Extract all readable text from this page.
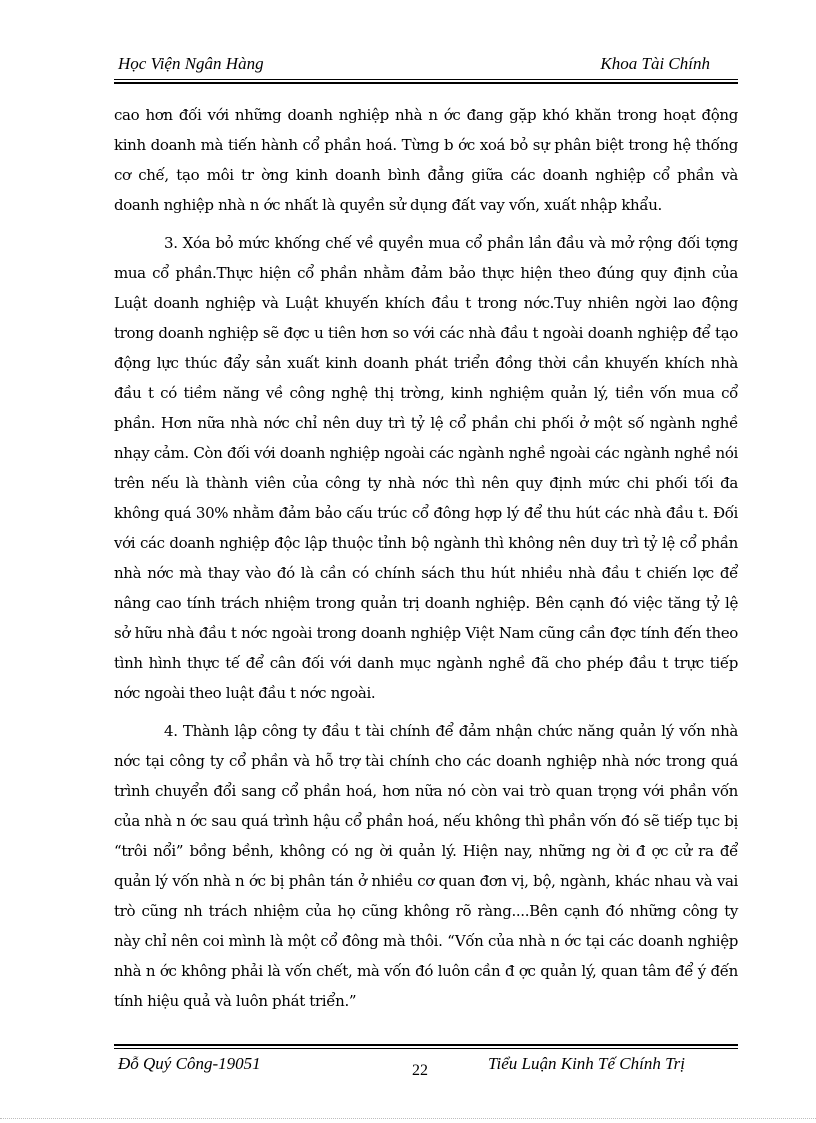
Học Viện Ngân Hàng	Khoa Tài Chính

cao hơn đối với những doanh nghiệp nhà n ớc đang gặp khó khăn trong hoạt động kinh doanh mà tiến hành cổ phần hoá. Từng b ớc xoá bỏ sự phân biệt trong hệ thống cơ chế, tạo môi tr ờng kinh doanh bình đẳng giữa các doanh nghiệp cổ phần và doanh nghiệp nhà n ớc nhất là quyền sử dụng đất vay vốn, xuất nhập khẩu.

3. Xóa bỏ mức khống chế về quyền mua cổ phần lần đầu và mở rộng đối tợng mua cổ phần.Thực hiện cổ phần nhằm đảm bảo thực hiện theo đúng quy định của Luật doanh nghiệp và Luật khuyến khích đầu t trong nớc.Tuy nhiên ngời lao động trong doanh nghiệp sẽ đợc u tiên hơn so với các nhà đầu t ngoài doanh nghiệp để tạo động lực thúc đẩy sản xuất kinh doanh phát triển đồng thời cần khuyến khích nhà đầu t có tiềm năng về công nghệ thị trờng, kinh nghiệm quản lý, tiền vốn mua cổ phần. Hơn nữa nhà nớc chỉ nên duy trì tỷ lệ cổ phần chi phối ở một số ngành nghề nhạy cảm. Còn đối với doanh nghiệp ngoài các ngành nghề ngoài các ngành nghề nói trên nếu là thành viên của công ty nhà nớc thì nên quy định mức chi phối tối đa không quá 30% nhằm đảm bảo cấu trúc cổ đông hợp lý để thu hút các nhà đầu t. Đối với các doanh nghiệp độc lập thuộc tỉnh bộ ngành thì không nên duy trì tỷ lệ cổ phần nhà nớc mà thay vào đó là cần có chính sách thu hút nhiều nhà đầu t chiến lợc để nâng cao tính trách nhiệm trong quản trị doanh nghiệp. Bên cạnh đó việc tăng tỷ lệ sở hữu nhà đầu t nớc ngoài trong doanh nghiệp Việt Nam cũng cần đợc tính đến theo tình hình thực tế để cân đối với danh mục ngành nghề đã cho phép đầu t trực tiếp nớc ngoài theo luật đầu t nớc ngoài.

4. Thành lập công ty đầu t tài chính để đảm nhận chức năng quản lý vốn nhà nớc tại công ty cổ phần và hỗ trợ tài chính cho các doanh nghiệp nhà nớc trong quá trình chuyển đổi sang cổ phần hoá, hơn nữa nó còn vai trò quan trọng với phần vốn của nhà n ớc sau quá trình hậu cổ phần hoá, nếu không thì phần vốn đó sẽ tiếp tục bị “trôi nổi” bồng bềnh, không có ng ời quản lý. Hiện nay, những ng ời đ ợc cử ra để quản lý vốn nhà n ớc bị phân tán ở nhiều cơ quan đơn vị, bộ, ngành, khác nhau và vai trò cũng nh trách nhiệm của họ cũng không rõ ràng....Bên cạnh đó những công ty này chỉ nên coi mình là một cổ đông mà thôi. “Vốn của nhà n ớc tại các doanh nghiệp nhà n ớc không phải là vốn chết, mà vốn đó luôn cần đ ợc quản lý, quan tâm để ý đến tính hiệu quả và luôn phát triển.”

Đỗ Quý Công-19051	22	Tiểu Luận Kinh Tế Chính Trị
